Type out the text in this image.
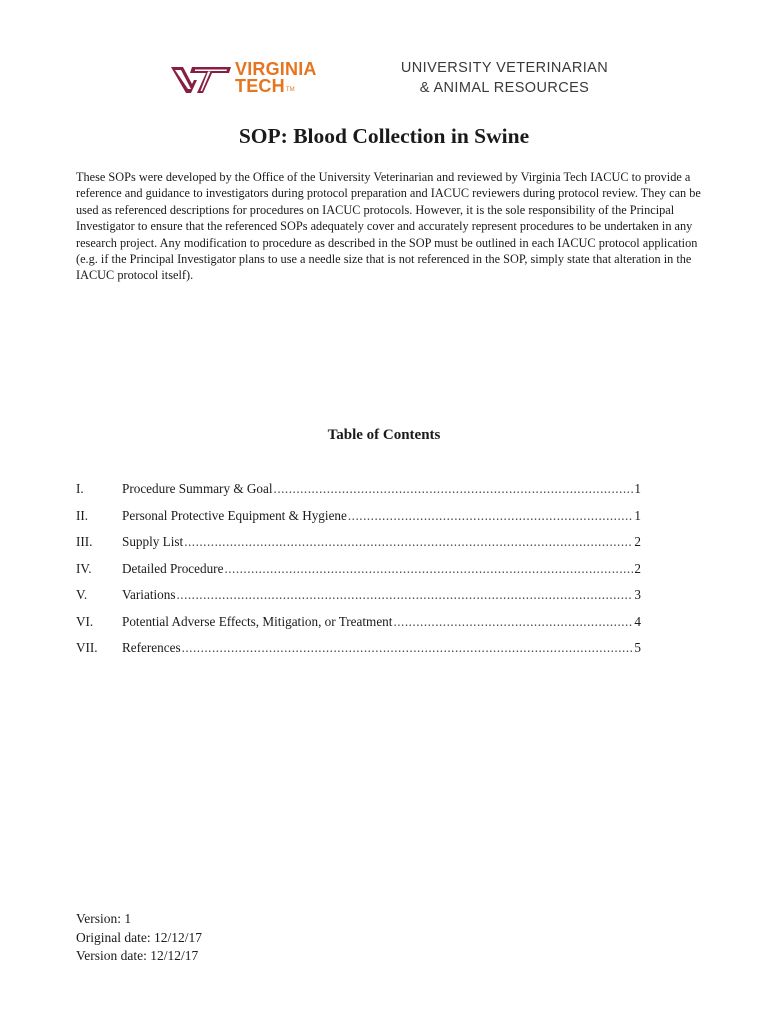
VIRGINIA
TECHTM
UNIVERSITY VETERINARIAN
& ANIMAL RESOURCES
SOP: Blood Collection in Swine

These SOPs were developed by the Office of the University Veterinarian and reviewed by Virginia Tech IACUC to provide a reference and guidance to investigators during protocol preparation and IACUC reviewers during protocol review. They can be used as referenced descriptions for procedures on IACUC protocols. However, it is the sole responsibility of the Principal Investigator to ensure that the referenced SOPs adequately cover and accurately represent procedures to be undertaken in any research project. Any modification to procedure as described in the SOP must be outlined in each IACUC protocol application (e.g. if the Principal Investigator plans to use a needle size that is not referenced in the SOP, simply state that alteration in the IACUC protocol itself).

Table of Contents
I.	Procedure Summary & Goal .....	1
II.	Personal Protective Equipment & Hygiene .....	1
III.	Supply List .....	2
IV.	Detailed Procedure .....	2
V.	Variations .....	3
VI.	Potential Adverse Effects, Mitigation, or Treatment .....	4
VII.	References .....	5
Version: 1
Original date: 12/12/17
Version date: 12/12/17
